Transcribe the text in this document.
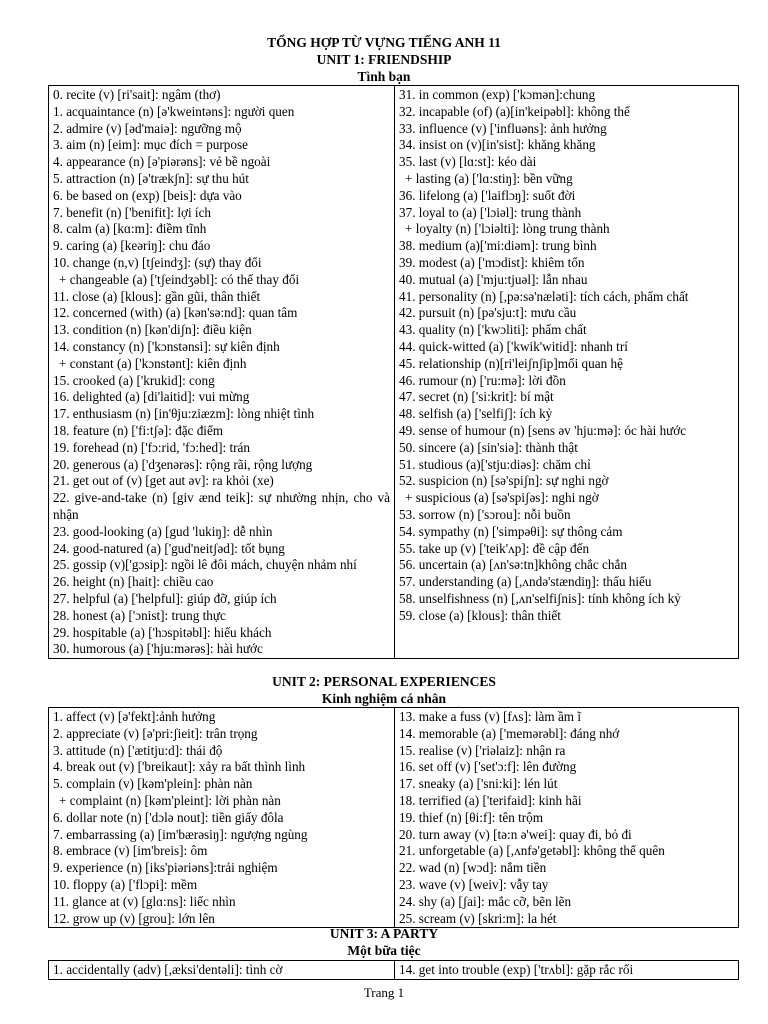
TỔNG HỢP TỪ VỰNG TIẾNG ANH 11
UNIT 1: FRIENDSHIP
Tình bạn
0. recite (v) [ri'sait]: ngâm (thơ)
1. acquaintance (n) [ə'kweintəns]: người quen
2. admire (v) [əd'maiə]: ngưỡng mộ
3. aim (n) [eim]: mục đích = purpose
4. appearance (n) [ə'piərəns]: vẻ bề ngoài
5. attraction (n) [ə'trækʃn]: sự thu hút
6. be based on (exp) [beis]: dựa vào
7. benefit (n) ['benifit]: lợi ích
8. calm (a) [kɑ:m]: điềm tĩnh
9. caring (a) [keəriŋ]: chu đáo
10. change (n,v) [tʃeindʒ]: (sự) thay đổi
+ changeable (a) ['tʃeindʒəbl]: có thể thay đổi
11. close (a) [klous]: gần gũi, thân thiết
12. concerned (with) (a) [kən'sə:nd]: quan tâm
13. condition (n) [kən'diʃn]: điều kiện
14. constancy (n) ['kɔnstənsi]: sự kiên định
+ constant (a) ['kɔnstənt]: kiên định
15. crooked (a) ['krukid]: cong
16. delighted (a) [di'laitid]: vui mừng
17. enthusiasm (n) [in'θju:ziæzm]: lòng nhiệt tình
18. feature (n) ['fi:tʃə]: đặc điểm
19. forehead (n) ['fɔ:rid, 'fɔ:hed]: trán
20. generous (a) ['dʒenərəs]: rộng rãi, rộng lượng
21. get out of (v) [get aut əv]: ra khỏi (xe)
22. give-and-take (n) [giv ænd teik]: sự nhường nhịn, cho và nhận
23. good-looking (a) [gud 'lukiŋ]: dễ nhìn
24. good-natured (a) ['gud'neitʃəd]: tốt bụng
25. gossip (v)['gɔsip]: ngồi lê đôi mách, chuyện nhảm nhí
26. height (n) [hait]: chiều cao
27. helpful (a) ['helpful]: giúp đỡ, giúp ích
28. honest (a) ['ɔnist]: trung thực
29. hospitable (a) ['hɔspitəbl]: hiếu khách
30. humorous (a) ['hju:mərəs]: hài hước

31. in common (exp) ['kɔmən]:chung
32. incapable (of) (a)[in'keipəbl]: không thể
33. influence (v) ['influəns]: ảnh hưởng
34. insist on (v)[in'sist]: khăng khăng
35. last (v) [lɑ:st]: kéo dài
+ lasting (a) ['lɑ:stiŋ]: bền vững
36. lifelong (a) ['laiflɔŋ]: suốt đời
37. loyal to (a) ['lɔiəl]: trung thành
+ loyalty (n) ['lɔiəlti]: lòng trung thành
38. medium (a)['mi:diəm]: trung bình
39. modest (a) ['mɔdist]: khiêm tốn
40. mutual (a) ['mju:tjuəl]: lẫn nhau
41. personality (n) [,pə:sə'næləti]: tích cách, phẩm chất
42. pursuit (n) [pə'sju:t]: mưu cầu
43. quality (n) ['kwɔliti]: phẩm chất
44. quick-witted (a) ['kwik'witid]: nhanh trí
45. relationship (n)[ri'leiʃnʃip]mối quan hệ
46. rumour (n) ['ru:mə]: lời đồn
47. secret (n) ['si:krit]: bí mật
48. selfish (a) ['selfiʃ]: ích kỷ
49. sense of humour (n) [sens əv 'hju:mə]: óc hài hước
50. sincere (a) [sin'siə]: thành thật
51. studious (a)['stju:diəs]: chăm chỉ
52. suspicion (n) [sə'spiʃn]: sự nghi ngờ
+ suspicious (a) [sə'spiʃəs]: nghi ngờ
53. sorrow (n) ['sɔrou]: nỗi buồn
54. sympathy (n) ['simpəθi]: sự thông cảm
55. take up (v) ['teik'ʌp]: đề cập đến
56. uncertain (a) [ʌn'sə:tn]không chắc chắn
57. understanding (a) [,ʌndə'stændiŋ]: thấu hiểu
58. unselfishness (n) [,ʌn'selfiʃnis]: tính không ích kỷ
59. close (a) [klous]: thân thiết
UNIT 2: PERSONAL EXPERIENCES
Kinh nghiệm cá nhân
1. affect (v) [ə'fekt]:ảnh hưởng
2. appreciate (v) [ə'pri:ʃieit]: trân trọng
3. attitude (n) ['ætitju:d]: thái độ
4. break out (v) ['breikaut]: xảy ra bất thình lình
5. complain (v) [kəm'plein]: phàn nàn
+ complaint (n) [kəm'pleint]: lời phàn nàn
6. dollar note (n) ['dɔlə nout]: tiền giấy đôla
7. embarrassing (a) [im'bærəsiŋ]: ngượng ngùng
8. embrace (v) [im'breis]: ôm
9. experience (n) [iks'piəriəns]:trải nghiệm
10. floppy (a) ['flɔpi]: mềm
11. glance at (v) [glɑ:ns]: liếc nhìn
12. grow up (v) [grou]: lớn lên

13. make a fuss (v) [fʌs]: làm ầm ĩ
14. memorable (a) ['memərəbl]: đáng nhớ
15. realise (v) ['riəlaiz]: nhận ra
16. set off (v) ['set'ɔ:f]: lên đường
17. sneaky (a) ['sni:ki]: lén lút
18. terrified (a) ['terifaid]: kinh hãi
19. thief (n) [θi:f]: tên trộm
20. turn away (v) [tə:n ə'wei]: quay đi, bỏ đi
21. unforgetable (a) [,ʌnfə'getəbl]: không thể quên
22. wad (n) [wɔd]: nắm tiền
23. wave (v) [weiv]: vẫy tay
24. shy (a) [ʃai]: mắc cỡ, bẽn lẽn
25. scream (v) [skri:m]: la hét
UNIT 3: A PARTY
Một bữa tiệc
1. accidentally (adv) [,æksi'dentəli]: tình cờ	14. get into trouble (exp) ['trʌbl]: gặp rắc rối
Trang 1
